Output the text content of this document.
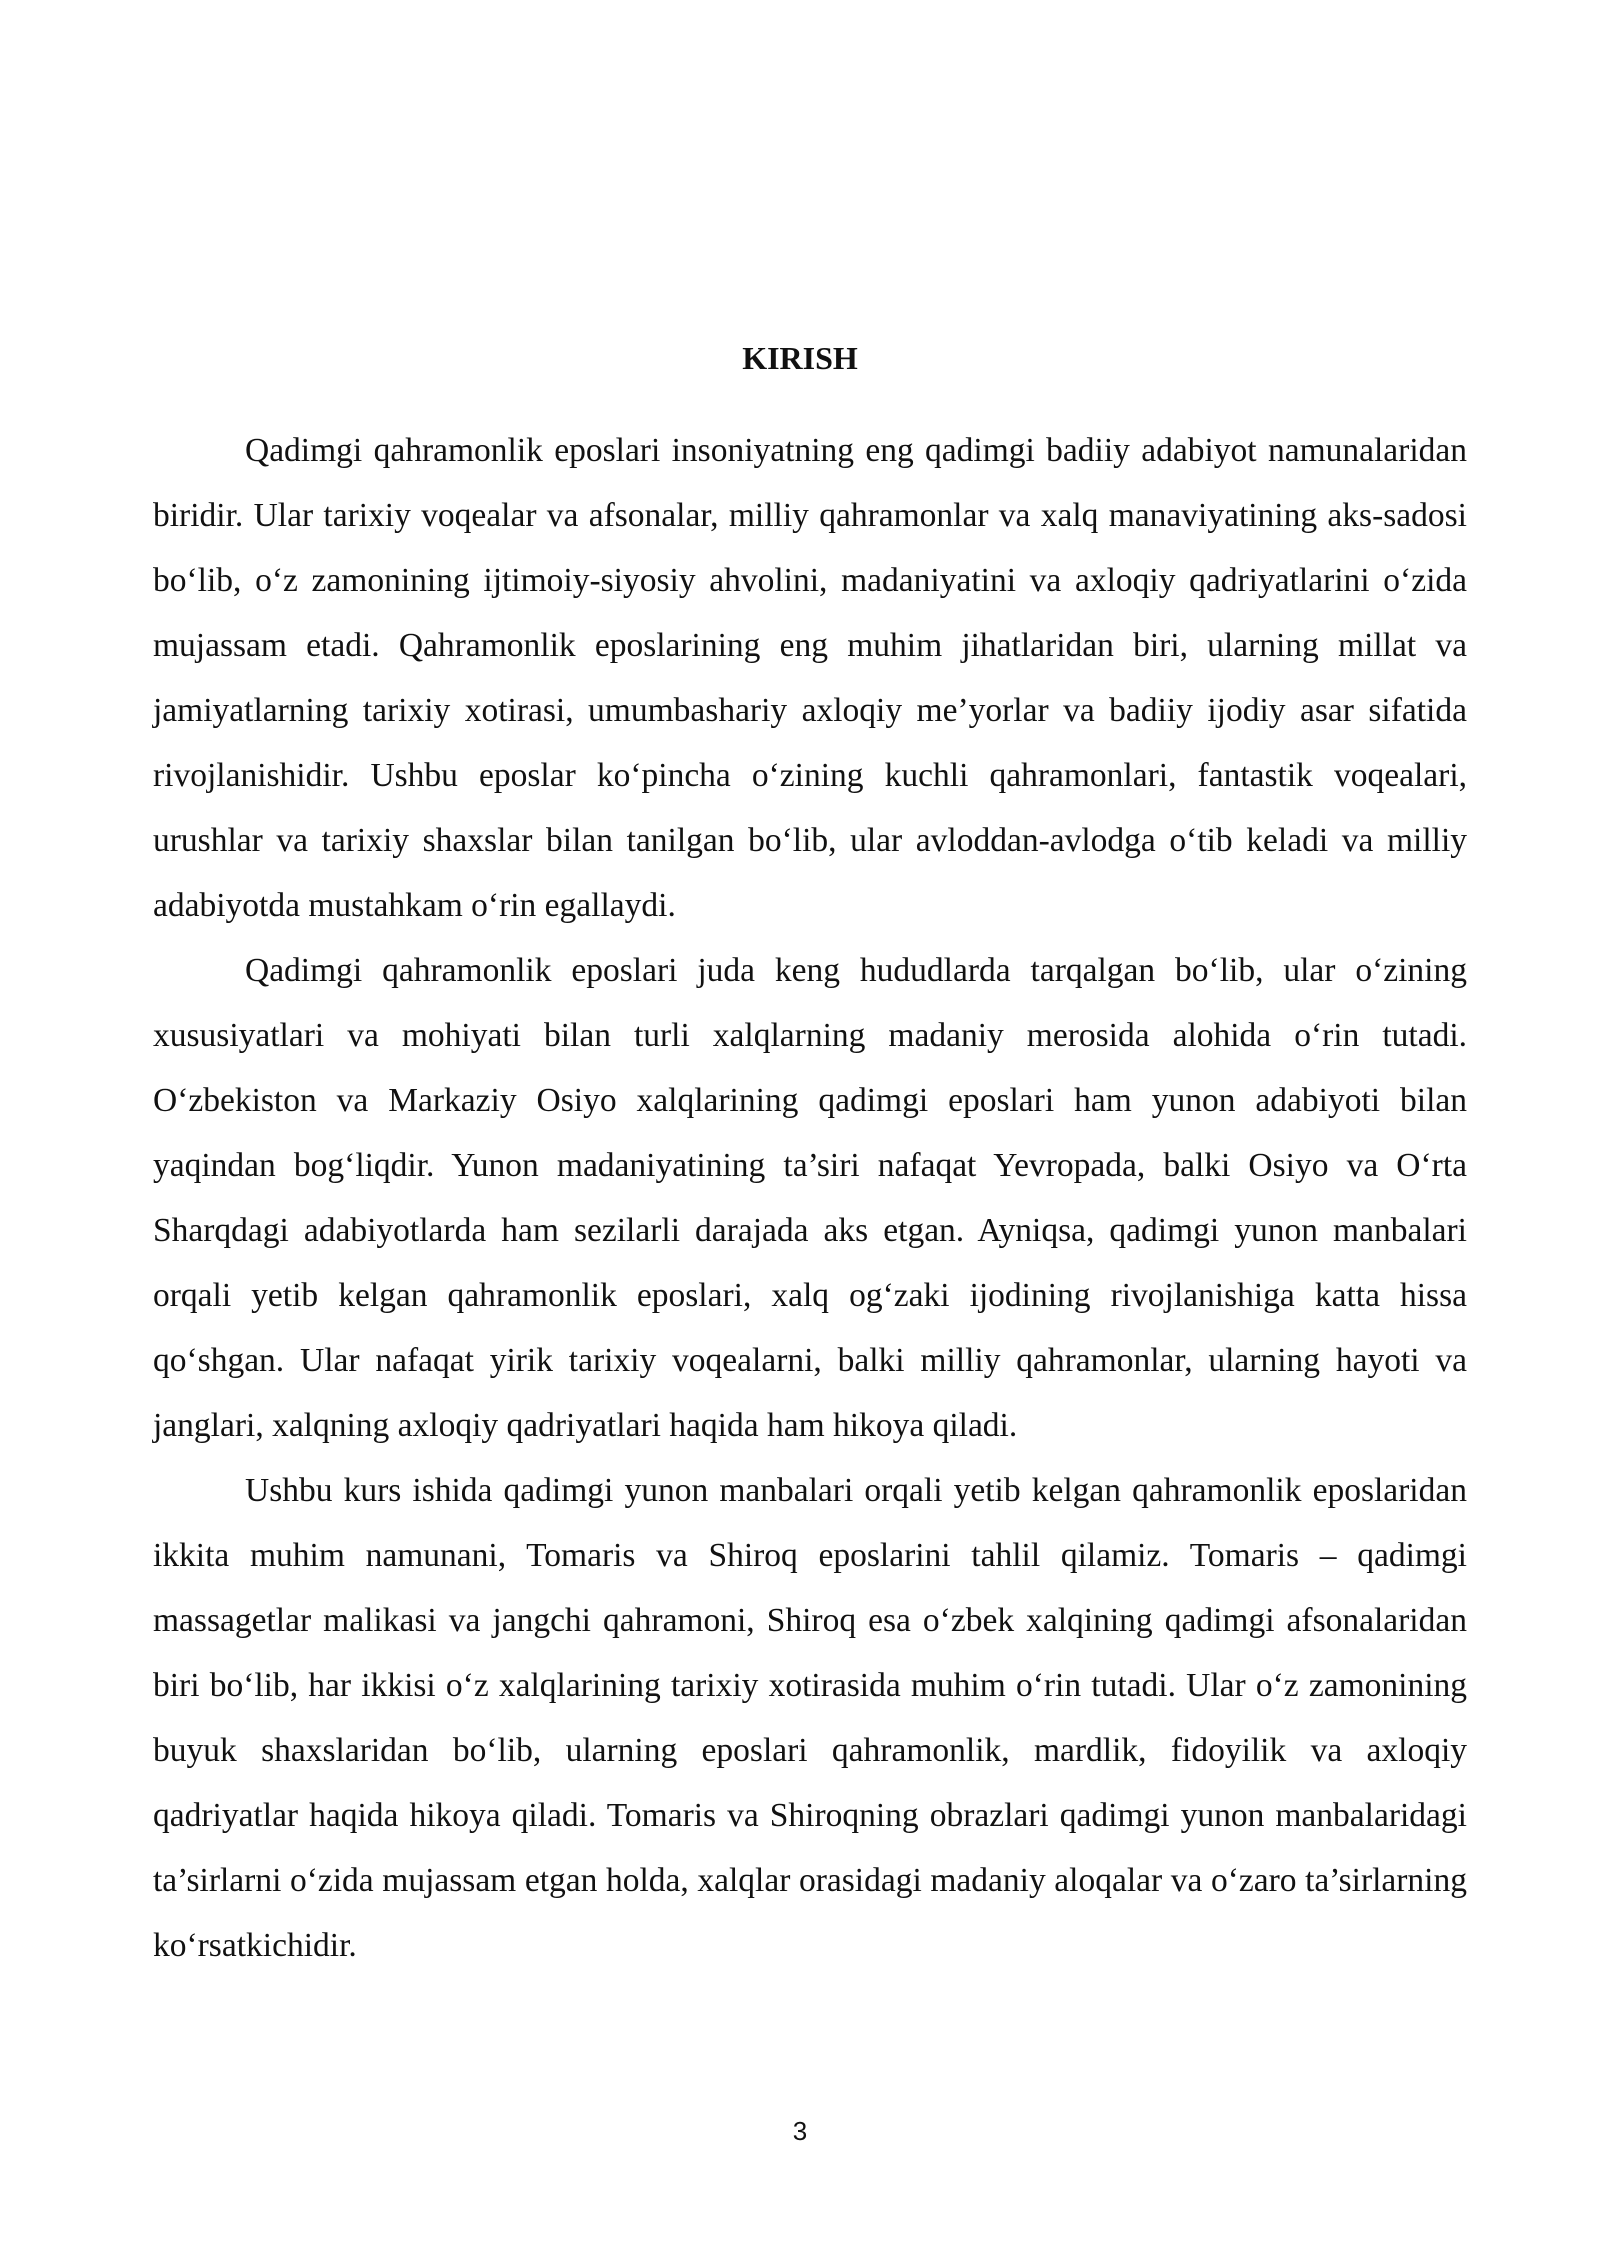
KIRISH

Qadimgi qahramonlik eposlari insoniyatning eng qadimgi badiiy adabiyot namunalaridan biridir. Ular tarixiy voqealar va afsonalar, milliy qahramonlar va xalq manaviyatining aks-sadosi bo‘lib, o‘z zamonining ijtimoiy-siyosiy ahvolini, madaniyatini va axloqiy qadriyatlarini o‘zida mujassam etadi. Qahramonlik eposlarining eng muhim jihatlaridan biri, ularning millat va jamiyatlarning tarixiy xotirasi, umumbashariy axloqiy me’yorlar va badiiy ijodiy asar sifatida rivojlanishidir. Ushbu eposlar ko‘pincha o‘zining kuchli qahramonlari, fantastik voqealari, urushlar va tarixiy shaxslar bilan tanilgan bo‘lib, ular avloddan-avlodga o‘tib keladi va milliy adabiyotda mustahkam o‘rin egallaydi.

Qadimgi qahramonlik eposlari juda keng hududlarda tarqalgan bo‘lib, ular o‘zining xususiyatlari va mohiyati bilan turli xalqlarning madaniy merosida alohida o‘rin tutadi. O‘zbekiston va Markaziy Osiyo xalqlarining qadimgi eposlari ham yunon adabiyoti bilan yaqindan bog‘liqdir. Yunon madaniyatining ta’siri nafaqat Yevropada, balki Osiyo va O‘rta Sharqdagi adabiyotlarda ham sezilarli darajada aks etgan. Ayniqsa, qadimgi yunon manbalari orqali yetib kelgan qahramonlik eposlari, xalq og‘zaki ijodining rivojlanishiga katta hissa qo‘shgan. Ular nafaqat yirik tarixiy voqealarni, balki milliy qahramonlar, ularning hayoti va janglari, xalqning axloqiy qadriyatlari haqida ham hikoya qiladi.

Ushbu kurs ishida qadimgi yunon manbalari orqali yetib kelgan qahramonlik eposlaridan ikkita muhim namunani, Tomaris va Shiroq eposlarini tahlil qilamiz. Tomaris – qadimgi massagetlar malikasi va jangchi qahramoni, Shiroq esa o‘zbek xalqining qadimgi afsonalaridan biri bo‘lib, har ikkisi o‘z xalqlarining tarixiy xotirasida muhim o‘rin tutadi. Ular o‘z zamonining buyuk shaxslaridan bo‘lib, ularning eposlari qahramonlik, mardlik, fidoyilik va axloqiy qadriyatlar haqida hikoya qiladi. Tomaris va Shiroqning obrazlari qadimgi yunon manbalaridagi ta’sirlarni o‘zida mujassam etgan holda, xalqlar orasidagi madaniy aloqalar va o‘zaro ta’sirlarning ko‘rsatkichidir.

3
